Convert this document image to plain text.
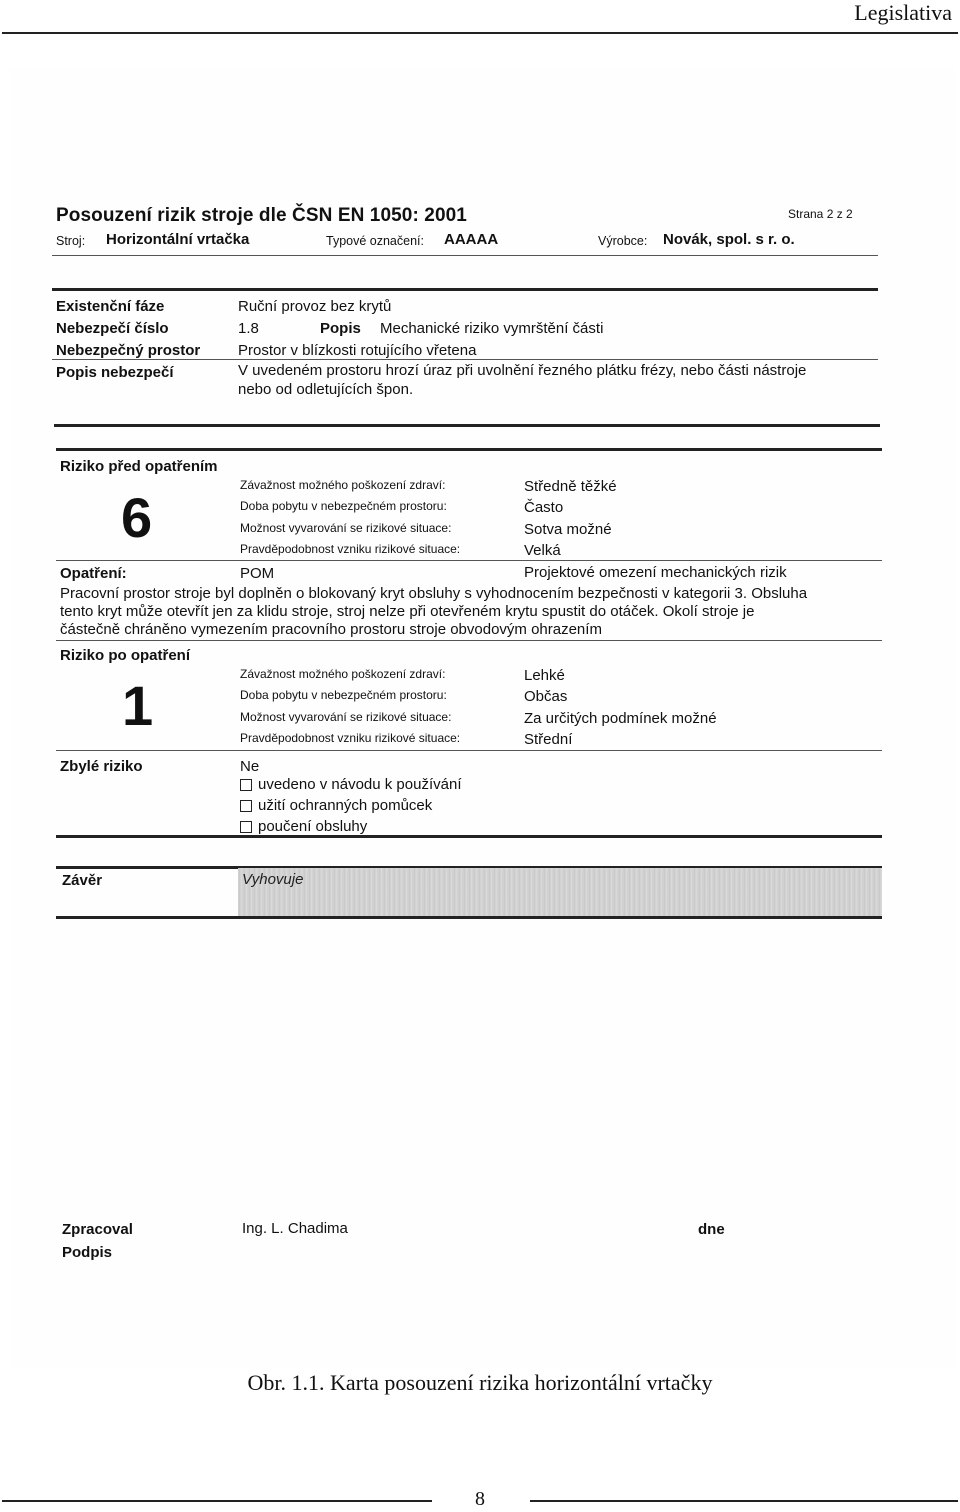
Legislativa
Posouzení rizik stroje dle ČSN EN 1050: 2001	Strana 2 z 2
Stroj: Horizontální vrtačka	Typové označení: AAAAA	Výrobce: Novák, spol. s r. o.
Existenční fáze	Ruční provoz bez krytů
Nebezpečí číslo	1.8	Popis Mechanické riziko vymrštění části
Nebezpečný prostor	Prostor v blízkosti rotujícího vřetena
Popis nebezpečí	V uvedeném prostoru hrozí úraz při uvolnění řezného plátku frézy, nebo části nástroje
nebo od odletujících špon.
Riziko před opatřením
6
Závažnost možného poškození zdraví:	Středně těžké
Doba pobytu v nebezpečném prostoru:	Často
Možnost vyvarování se rizikové situace:	Sotva možné
Pravděpodobnost vzniku rizikové situace:	Velká
Opatření:	POM	Projektové omezení mechanických rizik
Pracovní prostor stroje byl doplněn o blokovaný kryt obsluhy s vyhodnocením bezpečnosti v kategorii 3. Obsluha
tento kryt může otevřít jen za klidu stroje, stroj nelze při otevřeném krytu spustit do otáček. Okolí stroje je
částečně chráněno vymezením pracovního prostoru stroje obvodovým ohrazením
Riziko po opatření
1	Závažnost možného poškození zdraví:	Lehké
Doba pobytu v nebezpečném prostoru:	Občas
Možnost vyvarování se rizikové situace:	Za určitých podmínek možné
Pravděpodobnost vzniku rizikové situace:	Střední
Zbylé riziko	Ne
uvedeno v návodu k používání
užití ochranných pomůcek
poučení obsluhy
Závěr	Vyhovuje
Zpracoval	Ing. L. Chadima	dne
Podpis
Obr. 1.1. Karta posouzení rizika horizontální vrtačky
8
